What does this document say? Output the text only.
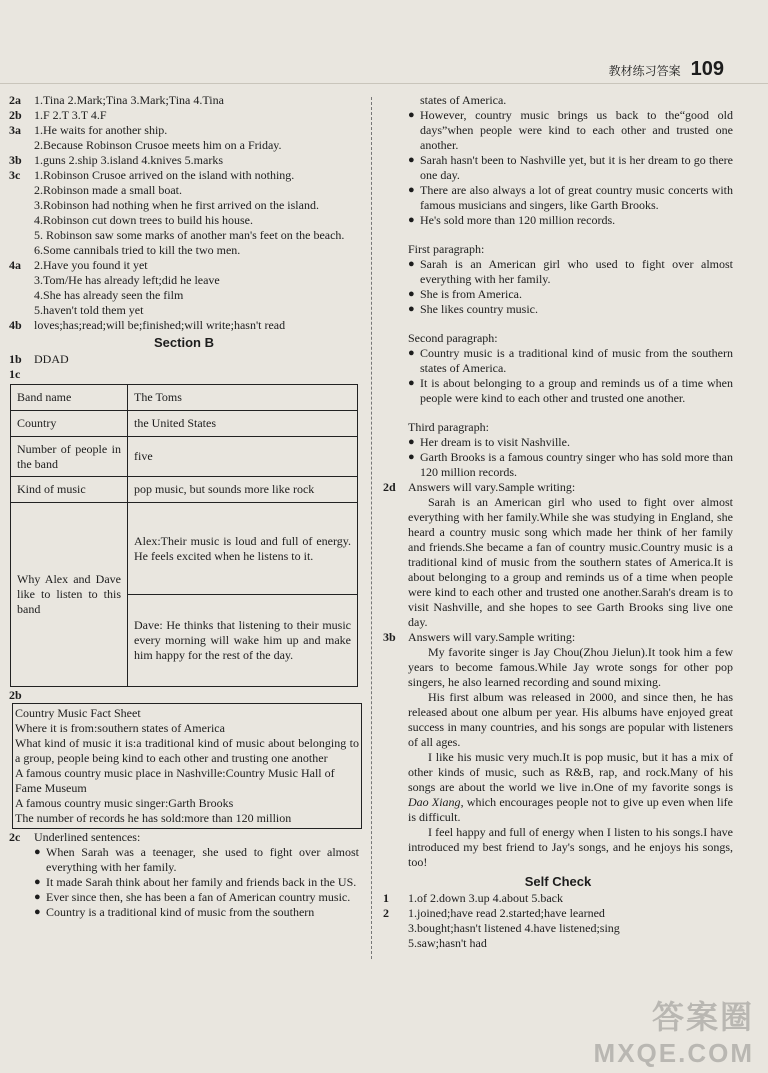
教材练习答案 109
2a	1.Tina 2.Mark;Tina 3.Mark;Tina 4.Tina
2b	1.F 2.T 3.T 4.F
3a	1.He waits for another ship.
2.Because Robinson Crusoe meets him on a Friday.
3b	1.guns 2.ship 3.island 4.knives 5.marks
3c	1.Robinson Crusoe arrived on the island with nothing.
2.Robinson made a small boat.
3.Robinson had nothing when he first arrived on the island.
4.Robinson cut down trees to build his house.
5. Robinson saw some marks of another man's feet on the beach.
6.Some cannibals tried to kill the two men.
4a	2.Have you found it yet
3.Tom/He has already left;did he leave
4.She has already seen the film
5.haven't told them yet
4b	loves;has;read;will be;finished;will write;hasn't read
Section B
1b	DDAD
1c
Band name	The Toms
Country	the United States
Number of people in the band	five
Kind of music	pop music, but sounds more like rock
Why Alex and Dave like to listen to this band	Alex:Their music is loud and full of energy. He feels excited when he listens to it.
	Dave: He thinks that listening to their music every morning will wake him up and make him happy for the rest of the day.
2b
Country Music Fact Sheet
Where it is from:southern states of America
What kind of music it is:a traditional kind of music about belonging to a group, people being kind to each other and trusting one another
A famous country music place in Nashville:Country Music Hall of Fame Museum
A famous country music singer:Garth Brooks
The number of records he has sold:more than 120 million
2c	Underlined sentences:
● When Sarah was a teenager, she used to fight over almost everything with her family.
● It made Sarah think about her family and friends back in the US.
● Ever since then, she has been a fan of American country music.
● Country is a traditional kind of music from the southern
states of America.
● However, country music brings us back to the“good old days”when people were kind to each other and trusted one another.
● Sarah hasn't been to Nashville yet, but it is her dream to go there one day.
● There are also always a lot of great country music concerts with famous musicians and singers, like Garth Brooks.
● He's sold more than 120 million records.
First paragraph:
● Sarah is an American girl who used to fight over almost everything with her family.
● She is from America.
● She likes country music.
Second paragraph:
● Country music is a traditional kind of music from the southern states of America.
● It is about belonging to a group and reminds us of a time when people were kind to each other and trusted one another.
Third paragraph:
● Her dream is to visit Nashville.
● Garth Brooks is a famous country singer who has sold more than 120 million records.
2d	Answers will vary.Sample writing:
Sarah is an American girl who used to fight over almost everything with her family.While she was studying in England, she heard a country music song which made her think of her family and friends.She became a fan of country music.Country music is a traditional kind of music from the southern states of America.It is about belonging to a group and reminds us of a time when people were kind to each other and trusted one another.Sarah's dream is to visit Nashville, and she hopes to see Garth Brooks sing live one day.
3b	Answers will vary.Sample writing:
My favorite singer is Jay Chou(Zhou Jielun).It took him a few years to become famous.While Jay wrote songs for other pop singers, he also learned recording and sound mixing.
His first album was released in 2000, and since then, he has released about one album per year. His albums have enjoyed great success in many countries, and his songs are popular with listeners of all ages.
I like his music very much.It is pop music, but it has a mix of other kinds of music, such as R&B, rap, and rock.Many of his songs are about the world we live in.One of my favorite songs is Dao Xiang, which encourages people not to give up even when life is difficult.
I feel happy and full of energy when I listen to his songs.I have introduced my best friend to Jay's songs, and he enjoys his songs, too!
Self Check
1	1.of 2.down 3.up 4.about 5.back
2	1.joined;have read 2.started;have learned
3.bought;hasn't listened 4.have listened;sing
5.saw;hasn't had
答案圈
MXQE.COM
